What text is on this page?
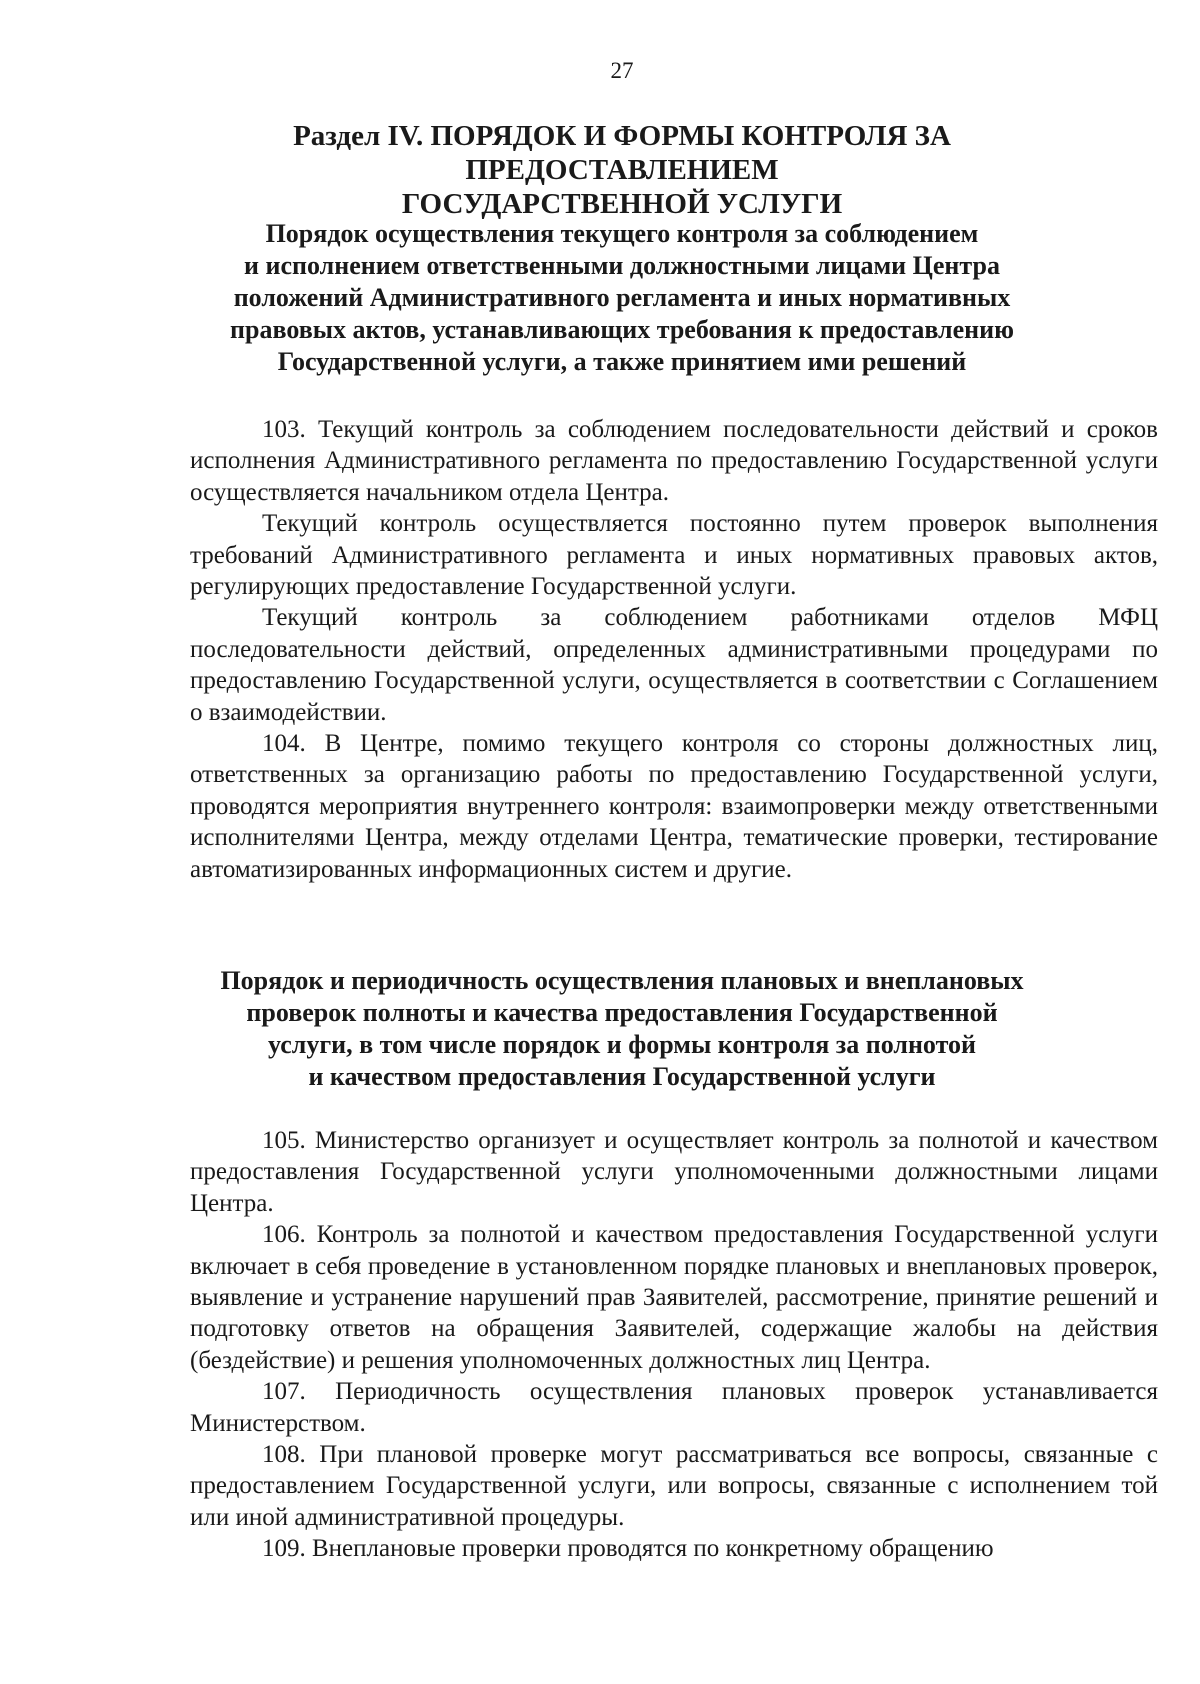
27
Раздел IV. ПОРЯДОК И ФОРМЫ КОНТРОЛЯ ЗА ПРЕДОСТАВЛЕНИЕМ
ГОСУДАРСТВЕННОЙ УСЛУГИ
Порядок осуществления текущего контроля за соблюдением
и исполнением ответственными должностными лицами Центра
положений Административного регламента и иных нормативных
правовых актов, устанавливающих требования к предоставлению
Государственной услуги, а также принятием ими решений

103. Текущий контроль за соблюдением последовательности действий и сроков исполнения Административного регламента по предоставлению Государственной услуги осуществляется начальником отдела Центра.

Текущий контроль осуществляется постоянно путем проверок выполнения требований Административного регламента и иных нормативных правовых актов, регулирующих предоставление Государственной услуги.

Текущий контроль за соблюдением работниками отделов МФЦ последовательности действий, определенных административными процедурами по предоставлению Государственной услуги, осуществляется в соответствии с Соглашением о взаимодействии.

104. В Центре, помимо текущего контроля со стороны должностных лиц, ответственных за организацию работы по предоставлению Государственной услуги, проводятся мероприятия внутреннего контроля: взаимопроверки между ответственными исполнителями Центра, между отделами Центра, тематические проверки, тестирование автоматизированных информационных систем и другие.

Порядок и периодичность осуществления плановых и внеплановых
проверок полноты и качества предоставления Государственной
услуги, в том числе порядок и формы контроля за полнотой
и качеством предоставления Государственной услуги

105. Министерство организует и осуществляет контроль за полнотой и качеством предоставления Государственной услуги уполномоченными должностными лицами Центра.

106. Контроль за полнотой и качеством предоставления Государственной услуги включает в себя проведение в установленном порядке плановых и внеплановых проверок, выявление и устранение нарушений прав Заявителей, рассмотрение, принятие решений и подготовку ответов на обращения Заявителей, содержащие жалобы на действия (бездействие) и решения уполномоченных должностных лиц Центра.

107. Периодичность осуществления плановых проверок устанавливается Министерством.

108. При плановой проверке могут рассматриваться все вопросы, связанные с предоставлением Государственной услуги, или вопросы, связанные с исполнением той или иной административной процедуры.

109. Внеплановые проверки проводятся по конкретному обращению
